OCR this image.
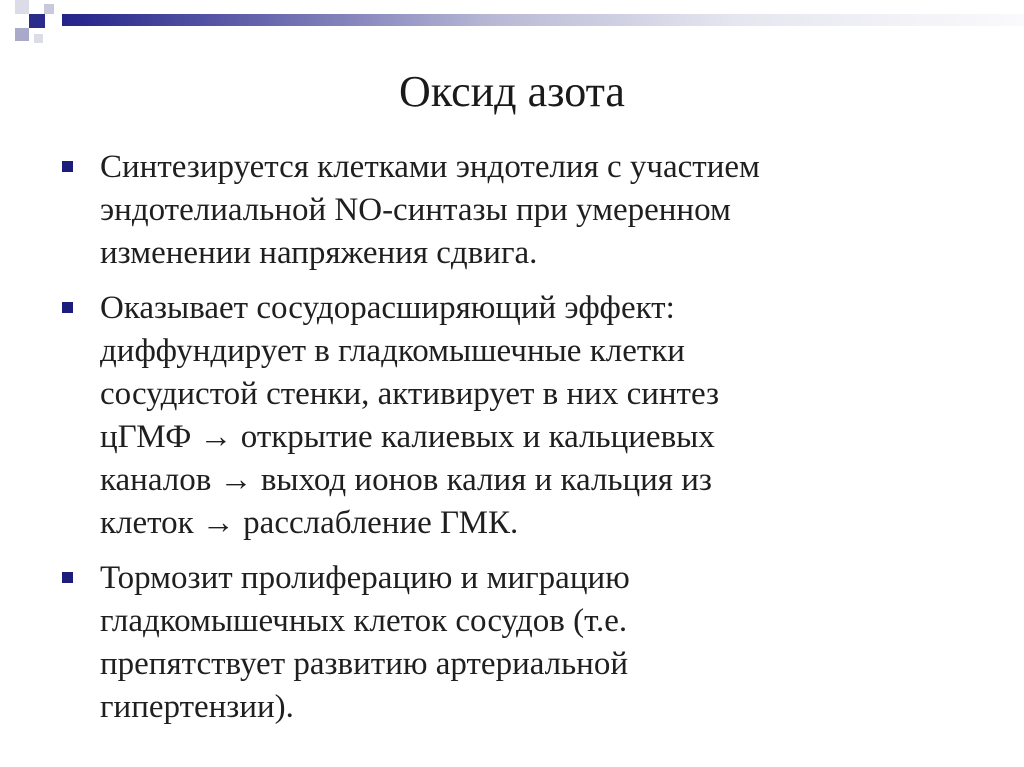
Оксид азота
Синтезируется клетками эндотелия с участием
эндотелиальной NO-синтазы при умеренном
изменении напряжения сдвига.
Оказывает сосудорасширяющий эффект:
диффундирует в гладкомышечные клетки
сосудистой стенки, активирует в них синтез
цГМФ → открытие калиевых и кальциевых
каналов → выход ионов калия и кальция из
клеток → расслабление ГМК.
Тормозит пролиферацию и миграцию
гладкомышечных клеток сосудов (т.е.
препятствует развитию артериальной
гипертензии).
